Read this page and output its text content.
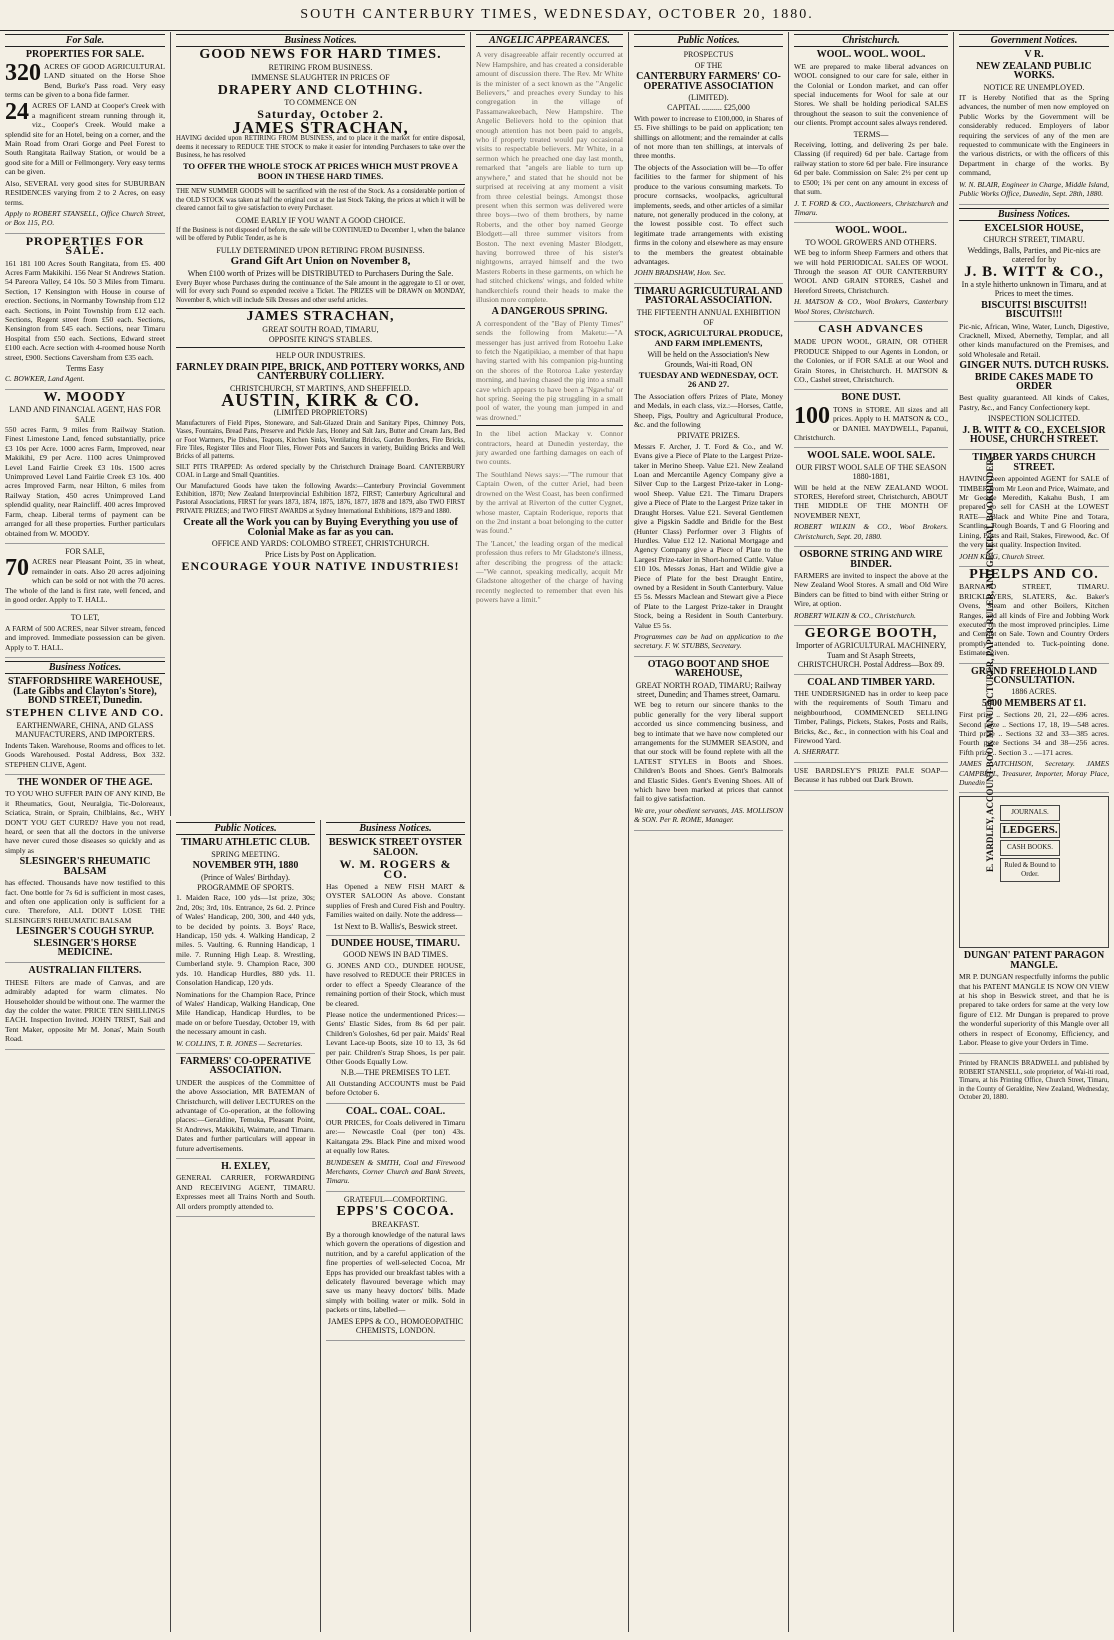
SOUTH CANTERBURY TIMES, WEDNESDAY, OCTOBER 20, 1880.
For Sale.
PROPERTIES FOR SALE.
320 ACRES OF GOOD AGRICULTURAL LAND situated on the Horse Shoe Bend, Burke's Pass road. Very easy terms can be given to a bona fide farmer.

24 ACRES OF LAND at Cooper's Creek with a magnificent stream running through it, viz., Cooper's Creek. Would make a splendid site for an Hotel, being on a corner, and the Main Road from Orari Gorge and Peel Forest to South Rangitata Railway Station, or would be a good site for a Mill or Fellmongery. Very easy terms can be given.

Also, SEVERAL very good sites for SUBURBAN RESIDENCES varying from 2 to 2 Acres, on easy terms.

Apply to ROBERT STANSELL, Office Church Street, or Box 115, P.O.

PROPERTIES FOR SALE.

161 181 100 Acres South Rangitata, from £5. 400 Acres Farm Makikihi. 156 Near St Andrews Station. 54 Pareora Valley, £4 10s. 50 3 Miles from Timaru. Section, 17 Kensington with House in course of erection. Sections, in Normanby Township from £12 each. Sections, in Point Township from £12 each. Sections, Regent street from £50 each. Sections, Kensington from £45 each. Sections, near Timaru Hospital from £50 each. Sections, Edward street £100 each. Acre section with 4-roomed house North street, £900. Sections Caversham from £35 each.

Terms Easy

C. BOWKER, Land Agent.

W. MOODY
LAND AND FINANCIAL AGENT, HAS FOR SALE

550 acres Farm, 9 miles from Railway Station. Finest Limestone Land, fenced substantially, price £3 10s per Acre. 1000 acres Farm, Improved, near Makikihi, £9 per Acre. 1100 acres Unimproved Level Land Fairlie Creek £3 10s. 1500 acres Unimproved Level Land Fairlie Creek £3 10s. 400 acres Improved Farm, near Hilton, 6 miles from Railway Station, 450 acres Unimproved Land splendid quality, near Raincliff. 400 acres Improved Farm, cheap. Liberal terms of payment can be arranged for all these properties. Further particulars obtained from W. MOODY.

FOR SALE,
70 ACRES near Pleasant Point, 35 in wheat, remainder in oats. Also 20 acres adjoining which can be sold or not with the 70 acres. The whole of the land is first rate, well fenced, and in good order. Apply to T. HALL.

TO LET,

A FARM of 500 ACRES, near Silver stream, fenced and improved. Immediate possession can be given. Apply to T. HALL.

Business Notices.
STAFFORDSHIRE WAREHOUSE, (Late Gibbs and Clayton's Store), BOND STREET, Dunedin.
STEPHEN CLIVE AND CO.
EARTHENWARE, CHINA, AND GLASS MANUFACTURERS, AND IMPORTERS.

Indents Taken. Warehouse, Rooms and offices to let. Goods Warehoused. Postal Address, Box 332. STEPHEN CLIVE, Agent.

THE WONDER OF THE AGE.

TO YOU WHO SUFFER PAIN OF ANY KIND, Be it Rheumatics, Gout, Neuralgia, Tic-Doloreaux, Sciatica, Strain, or Sprain, Chilblains, &c., WHY DON'T YOU GET CURED? Have you not read, heard, or seen that all the doctors in the universe have never cured those diseases so quickly and as simply as

SLESINGER'S RHEUMATIC BALSAM

has effected. Thousands have now testified to this fact. One bottle for 7s 6d is sufficient in most cases, and often one application only is sufficient for a cure. Therefore, ALL DON'T LOSE THE SLESINGER'S RHEUMATIC BALSAM

LESINGER'S COUGH SYRUP.
SLESINGER'S HORSE MEDICINE.
AUSTRALIAN FILTERS.

THESE Filters are made of Canvas, and are admirably adapted for warm climates. No Householder should be without one. The warmer the day the colder the water. PRICE TEN SHILLINGS EACH. Inspection Invited. JOHN TRIST, Sail and Tent Maker, opposite Mr M. Jonas', Main South Road.

Business Notices.
GOOD NEWS FOR HARD TIMES.
RETIRING FROM BUSINESS.
IMMENSE SLAUGHTER IN PRICES OF
DRAPERY AND CLOTHING.
TO COMMENCE ON
Saturday, October 2.
JAMES STRACHAN,

HAVING decided upon RETIRING FROM BUSINESS, and to place it the market for entire disposal, deems it necessary to REDUCE THE STOCK to make it easier for intending Purchasers to take over the Business, he has resolved

TO OFFER THE WHOLE STOCK AT PRICES WHICH MUST PROVE A BOON IN THESE HARD TIMES.

THE NEW SUMMER GOODS will be sacrificed with the rest of the Stock. As a considerable portion of the OLD STOCK was taken at half the original cost at the last Stock Taking, the prices at which it will be cleared cannot fail to give satisfaction to every Purchaser.

COME EARLY IF YOU WANT A GOOD CHOICE.

If the Business is not disposed of before, the sale will be CONTINUED to December 1, when the balance will be offered by Public Tender, as he is

FULLY DETERMINED UPON RETIRING FROM BUSINESS.
Grand Gift Art Union on November 8,
When £100 worth of Prizes will be DISTRIBUTED to Purchasers During the Sale.

Every Buyer whose Purchases during the continuance of the Sale amount in the aggregate to £1 or over, will for every such Pound so expended receive a Ticket. The PRIZES will be DRAWN on MONDAY, November 8, which will include Silk Dresses and other useful articles.

JAMES STRACHAN,
GREAT SOUTH ROAD, TIMARU,
OPPOSITE KING'S STABLES.
HELP OUR INDUSTRIES.
FARNLEY DRAIN PIPE, BRICK, AND POTTERY WORKS, AND CANTERBURY COLLIERY.
CHRISTCHURCH, ST MARTIN'S, AND SHEFFIELD.
AUSTIN, KIRK & CO.
(LIMITED PROPRIETORS)

Manufacturers of Field Pipes, Stoneware, and Salt-Glazed Drain and Sanitary Pipes, Chimney Pots, Vases, Fountains, Bread Pans, Preserve and Pickle Jars, Honey and Salt Jars, Butter and Cream Jars, Bed or Foot Warmers, Pie Dishes, Teapots, Kitchen Sinks, Ventilating Bricks, Garden Borders, Fire Bricks, Fire Tiles, Register Tiles and Floor Tiles, Flower Pots and Saucers in variety, Building Bricks and Well Bricks of all patterns.

SILT PITS TRAPPED: As ordered specially by the Christchurch Drainage Board. CANTERBURY COAL in Large and Small Quantities.

Our Manufactured Goods have taken the following Awards:—Canterbury Provincial Government Exhibition, 1870; New Zealand Interprovincial Exhibition 1872, FIRST; Canterbury Agricultural and Pastoral Associations, FIRST for years 1873, 1874, 1875, 1876, 1877, 1878 and 1879, also TWO FIRST PRIVATE PRIZES; and TWO FIRST AWARDS at Sydney International Exhibitions, 1879 and 1880.

Create all the Work you can by Buying Everything you use of Colonial Make as far as you can.
OFFICE AND YARDS: COLOMBO STREET, CHRISTCHURCH.
Price Lists by Post on Application.
ENCOURAGE YOUR NATIVE INDUSTRIES!
Public Notices.
TIMARU ATHLETIC CLUB.
SPRING MEETING.
NOVEMBER 9TH, 1880
(Prince of Wales' Birthday).
PROGRAMME OF SPORTS.

1. Maiden Race, 100 yds—1st prize, 30s; 2nd, 20s; 3rd, 10s. Entrance, 2s 6d. 2. Prince of Wales' Handicap, 200, 300, and 440 yds, to be decided by points. 3. Boys' Race, Handicap, 150 yds. 4. Walking Handicap, 2 miles. 5. Vaulting. 6. Running Handicap, 1 mile. 7. Running High Leap. 8. Wrestling, Cumberland style. 9. Champion Race, 300 yds. 10. Handicap Hurdles, 880 yds. 11. Consolation Handicap, 120 yds.

Nominations for the Champion Race, Prince of Wales' Handicap, Walking Handicap, One Mile Handicap, Handicap Hurdles, to be made on or before Tuesday, October 19, with the necessary amount in cash.

W. COLLINS, T. R. JONES — Secretaries.

FARMERS' CO-OPERATIVE ASSOCIATION.

UNDER the auspices of the Committee of the above Association, MR BATEMAN of Christchurch, will deliver LECTURES on the advantage of Co-operation, at the following places:—Geraldine, Temuka, Pleasant Point, St Andrews, Makikihi, Waimate, and Timaru. Dates and further particulars will appear in future advertisements.

H. EXLEY,

GENERAL CARRIER, FORWARDING AND RECEIVING AGENT, TIMARU. Expresses meet all Trains North and South. All orders promptly attended to.

Business Notices.
BESWICK STREET OYSTER SALOON.
W. M. ROGERS & CO.

Has Opened a NEW FISH MART & OYSTER SALOON As above. Constant supplies of Fresh and Cured Fish and Poultry. Families waited on daily. Note the address—

1st Next to B. Wallis's, Beswick street.
DUNDEE HOUSE, TIMARU.
GOOD NEWS IN BAD TIMES.

G. JONES AND CO., DUNDEE HOUSE, have resolved to REDUCE their PRICES in order to effect a Speedy Clearance of the remaining portion of their Stock, which must be cleared.

Please notice the undermentioned Prices:—Gents' Elastic Sides, from 8s 6d per pair. Children's Goloshes, 6d per pair. Maids' Real Levant Lace-up Boots, size 10 to 13, 3s 6d per pair. Children's Strap Shoes, 1s per pair. Other Goods Equally Low.

N.B.—THE PREMISES TO LET.

All Outstanding ACCOUNTS must be Paid before October 6.

COAL. COAL. COAL.

OUR PRICES, for Coals delivered in Timaru are:— Newcastle Coal (per ton) 43s. Kaitangata 29s. Black Pine and mixed wood at equally low Rates.

BUNDESEN & SMITH, Coal and Firewood Merchants, Corner Church and Bank Streets, Timaru.

GRATEFUL—COMFORTING.
EPPS'S COCOA.
BREAKFAST.

By a thorough knowledge of the natural laws which govern the operations of digestion and nutrition, and by a careful application of the fine properties of well-selected Cocoa, Mr Epps has provided our breakfast tables with a delicately flavoured beverage which may save us many heavy doctors' bills. Made simply with boiling water or milk. Sold in packets or tins, labelled—

JAMES EPPS & CO., HOMOEOPATHIC CHEMISTS, LONDON.
ANGELIC APPEARANCES.

A very disagreeable affair recently occurred at New Hampshire, and has created a considerable amount of discussion there. The Rev. Mr White is the minister of a sect known as the "Angelic Believers," and preaches every Sunday to his congregation in the village of Passamawakeebach, New Hampshire. The Angelic Believers hold to the opinion that enough attention has not been paid to angels, who if properly treated would pay occasional visits to respectable believers. Mr White, in a sermon which he preached one day last month, remarked that "angels are liable to turn up anywhere," and stated that he should not be surprised at receiving at any moment a visit from three celestial beings. Amongst those present when this sermon was delivered were three boys—two of them brothers, by name Roberts, and the other boy named George Blodgett—all three summer visitors from Boston. The next evening Master Blodgett, having borrowed three of his sister's nightgowns, arrayed himself and the two Masters Roberts in these garments, on which he had stitched chickens' wings, and folded white handkerchiefs round their heads to make the illusion more complete.

A DANGEROUS SPRING.

A correspondent of the "Bay of Plenty Times" sends the following from Maketu:—"A messenger has just arrived from Rotoehu Lake to fetch the Ngatipikiao, a member of that hapu having started with his companion pig-hunting on the shores of the Rotoroa Lake yesterday morning, and having chased the pig into a small cave which appears to have been a 'Ngawha' or hot spring. Seeing the pig struggling in a small pool of water, the young man jumped in and was drowned."

In the libel action Mackay v. Connor contractors, heard at Dunedin yesterday, the jury awarded one farthing damages on each of two counts.

The Southland News says:—"The rumour that Captain Owen, of the cutter Ariel, had been drowned on the West Coast, has been confirmed by the arrival at Riverton of the cutter Cygnet, whose master, Captain Roderique, reports that on the 2nd instant a boat belonging to the cutter was found."

The 'Lancet,' the leading organ of the medical profession thus refers to Mr Gladstone's illness, after describing the progress of the attack:—"We cannot, speaking medically, acquit Mr Gladstone altogether of the charge of having recently neglected to remember that even his powers have a limit."

Public Notices.
PROSPECTUS
OF THE
CANTERBURY FARMERS' CO-OPERATIVE ASSOCIATION
(LIMITED).
CAPITAL .......... £25,000

With power to increase to £100,000, in Shares of £5. Five shillings to be paid on application; ten shillings on allotment; and the remainder at calls of not more than ten shillings, at intervals of three months.

The objects of the Association will be—To offer facilities to the farmer for shipment of his produce to the various consuming markets. To procure cornsacks, woolpacks, agricultural implements, seeds, and other articles of a similar nature, not generally produced in the colony, at the lowest possible cost. To effect such legitimate trade arrangements with existing firms in the colony and elsewhere as may ensure to the members the greatest obtainable advantages.

JOHN BRADSHAW, Hon. Sec.

TIMARU AGRICULTURAL AND PASTORAL ASSOCIATION.
THE FIFTEENTH ANNUAL EXHIBITION
OF
STOCK, AGRICULTURAL PRODUCE, AND FARM IMPLEMENTS,
Will be held on the Association's New Grounds, Wai-iti Road, ON
TUESDAY AND WEDNESDAY, OCT. 26 AND 27.

The Association offers Prizes of Plate, Money and Medals, in each class, viz.:—Horses, Cattle, Sheep, Pigs, Poultry and Agricultural Produce, &c. and the following

PRIVATE PRIZES.

Messrs F. Archer, J. T. Ford & Co., and W. Evans give a Piece of Plate to the Largest Prize-taker in Merino Sheep. Value £21. New Zealand Loan and Mercantile Agency Company give a Silver Cup to the Largest Prize-taker in Long-wool Sheep. Value £21. The Timaru Drapers give a Piece of Plate to the Largest Prize taker in Draught Horses. Value £21. Several Gentlemen give a Pigskin Saddle and Bridle for the Best (Hunter Class) Performer over 3 Flights of Hurdles. Value £12 12. National Mortgage and Agency Company give a Piece of Plate to the Largest Prize-taker in Short-horned Cattle. Value £10 10s. Messrs Jonas, Hart and Wildie give a Piece of Plate for the best Draught Entire, owned by a Resident in South Canterbury. Value £5 5s. Messrs Maclean and Stewart give a Piece of Plate to the Largest Prize-taker in Draught Stock, being a Resident in South Canterbury. Value £5 5s.

Programmes can be had on application to the secretary. F. W. STUBBS, Secretary.

OTAGO BOOT AND SHOE WAREHOUSE,
GREAT NORTH ROAD, TIMARU; Railway street, Dunedin; and Thames street, Oamaru.

WE beg to return our sincere thanks to the public generally for the very liberal support accorded us since commencing business, and beg to intimate that we have now completed our arrangements for the SUMMER SEASON, and that our stock will be found replete with all the LATEST STYLES in Boots and Shoes. Children's Boots and Shoes. Gent's Balmorals and Elastic Sides. Gent's Evening Shoes. All of which have been marked at prices that cannot fail to give satisfaction.

We are, your obedient servants, JAS. MOLLISON & SON. Per R. ROME, Manager.

Christchurch.
WOOL. WOOL. WOOL.

WE are prepared to make liberal advances on WOOL consigned to our care for sale, either in the Colonial or London market, and can offer special inducements for Wool for sale at our Stores. We shall be holding periodical SALES throughout the season to suit the convenience of our clients. Prompt account sales always rendered.

TERMS—

Receiving, lotting, and delivering 2s per bale. Classing (if required) 6d per bale. Cartage from railway station to store 6d per bale. Fire insurance 6d per bale. Commission on Sale: 2½ per cent up to £500; 1¾ per cent on any amount in excess of that sum.

J. T. FORD & CO., Auctioneers, Christchurch and Timaru.

WOOL. WOOL.
TO WOOL GROWERS AND OTHERS.

WE beg to inform Sheep Farmers and others that we will hold PERIODICAL SALES OF WOOL Through the season AT OUR CANTERBURY WOOL AND GRAIN STORES, Cashel and Hereford Streets, Christchurch.

H. MATSON & CO., Wool Brokers, Canterbury Wool Stores, Christchurch.

CASH ADVANCES

MADE UPON WOOL, GRAIN, OR OTHER PRODUCE Shipped to our Agents in London, or the Colonies, or if FOR SALE at our Wool and Grain Stores, in Christchurch. H. MATSON & CO., Cashel street, Christchurch.

BONE DUST.
100 TONS in STORE. All sizes and all prices. Apply to H. MATSON & CO., or DANIEL MAYDWELL, Papanui, Christchurch.

WOOL SALE. WOOL SALE.
OUR FIRST WOOL SALE OF THE SEASON 1880-1881,

Will be held at the NEW ZEALAND WOOL STORES, Hereford street, Christchurch, ABOUT THE MIDDLE OF THE MONTH OF NOVEMBER NEXT,

ROBERT WILKIN & CO., Wool Brokers. Christchurch, Sept. 20, 1880.

OSBORNE STRING AND WIRE BINDER.

FARMERS are invited to inspect the above at the New Zealand Wool Stores. A small and Old Wire Binders can be fitted to bind with either String or Wire, at option.

ROBERT WILKIN & CO., Christchurch.

GEORGE BOOTH,
Importer of AGRICULTURAL MACHINERY, Tuam and St Asaph Streets, CHRISTCHURCH. Postal Address—Box 89.
COAL AND TIMBER YARD.

THE UNDERSIGNED has in order to keep pace with the requirements of South Timaru and neighbourhood, COMMENCED SELLING Timber, Palings, Pickets, Stakes, Posts and Rails, Bricks, &c., &c., in connection with his Coal and Firewood Yard.

A. SHERRATT.

USE BARDSLEY'S PRIZE PALE SOAP—Because it has rubbed out Dark Brown.

Government Notices.
V R.
NEW ZEALAND PUBLIC WORKS.
NOTICE RE UNEMPLOYED.

IT is Hereby Notified that as the Spring advances, the number of men now employed on Public Works by the Government will be considerably reduced. Employers of labor requiring the services of any of the men are requested to communicate with the Engineers in the various districts, or with the officers of this Department in charge of the works. By command,

W. N. BLAIR, Engineer in Charge, Middle Island, Public Works Office, Dunedin, Sept. 28th, 1880.

Business Notices.
EXCELSIOR HOUSE,
CHURCH STREET, TIMARU.
Weddings, Balls, Parties, and Pic-nics are catered for by
J. B. WITT & CO.,
In a style hitherto unknown in Timaru, and at Prices to meet the times.
BISCUITS! BISCUITS!! BISCUITS!!!

Pic-nic, African, Wine, Water, Lunch, Digestive, Cracknell, Mixed, Abernethy, Templar, and all other kinds manufactured on the Premises, and sold Wholesale and Retail.

GINGER NUTS. DUTCH RUSKS.
BRIDE CAKES MADE TO ORDER

Best quality guaranteed. All kinds of Cakes, Pastry, &c., and Fancy Confectionery kept.

INSPECTION SOLICITED.
J. B. WITT & CO., EXCELSIOR HOUSE, CHURCH STREET.
TIMBER YARDS CHURCH STREET.

HAVING been appointed AGENT for SALE of TIMBER from Mr Leon and Price, Waimate, and Mr George Meredith, Kakahu Bush, I am prepared to sell for CASH at the LOWEST RATE— Black and White Pine and Totara, Scantling, Rough Boards, T and G Flooring and Lining, Posts and Rail, Stakes, Firewood, &c. Of the very best quality. Inspection Invited.

JOHN KING, Church Street.

PHELPS AND CO.

BARNARD STREET, TIMARU. BRICKLAYERS, SLATERS, &c. Baker's Ovens, Steam and other Boilers, Kitchen Ranges, and all kinds of Fire and Jobbing Work executed on the most improved principles. Lime and Cement on Sale. Town and Country Orders promptly attended to. Tuck-pointing done. Estimates given.

GRAND FREEHOLD LAND CONSULTATION.
1886 ACRES.
5000 MEMBERS AT £1.

First prize .. Sections 20, 21, 22—696 acres. Second prize .. Sections 17, 18, 19—548 acres. Third prize .. Sections 32 and 33—385 acres. Fourth prize Sections 34 and 38—256 acres. Fifth prize .. Section 3 .. —171 acres.

JAMES AITCHISON, Secretary. JAMES CAMPBELL, Treasurer, Importer, Moray Place, Dunedin E. YARDLEY, ACCOUNT-BOOK MANUFACTURER, PAPER RULER, AND GENERAL BOOKBINDER,	JOURNALS.
LEDGERS.
CASH BOOKS.
Ruled & Bound to Order.
DUNGAN' PATENT PARAGON MANGLE.

MR P. DUNGAN respectfully informs the public that his PATENT MANGLE IS NOW ON VIEW at his shop in Beswick street, and that he is prepared to take orders for same at the very low figure of £12. Mr Dungan is prepared to prove the wonderful superiority of this Mangle over all others in respect of Economy, Efficiency, and Labor. Please to give your Orders in Time.

Printed by FRANCIS BRADWELL and published by ROBERT STANSELL, sole proprietor, of Wai-iti road, Timaru, at his Printing Office, Church Street, Timaru, in the County of Geraldine, New Zealand, Wednesday, October 20, 1880.
